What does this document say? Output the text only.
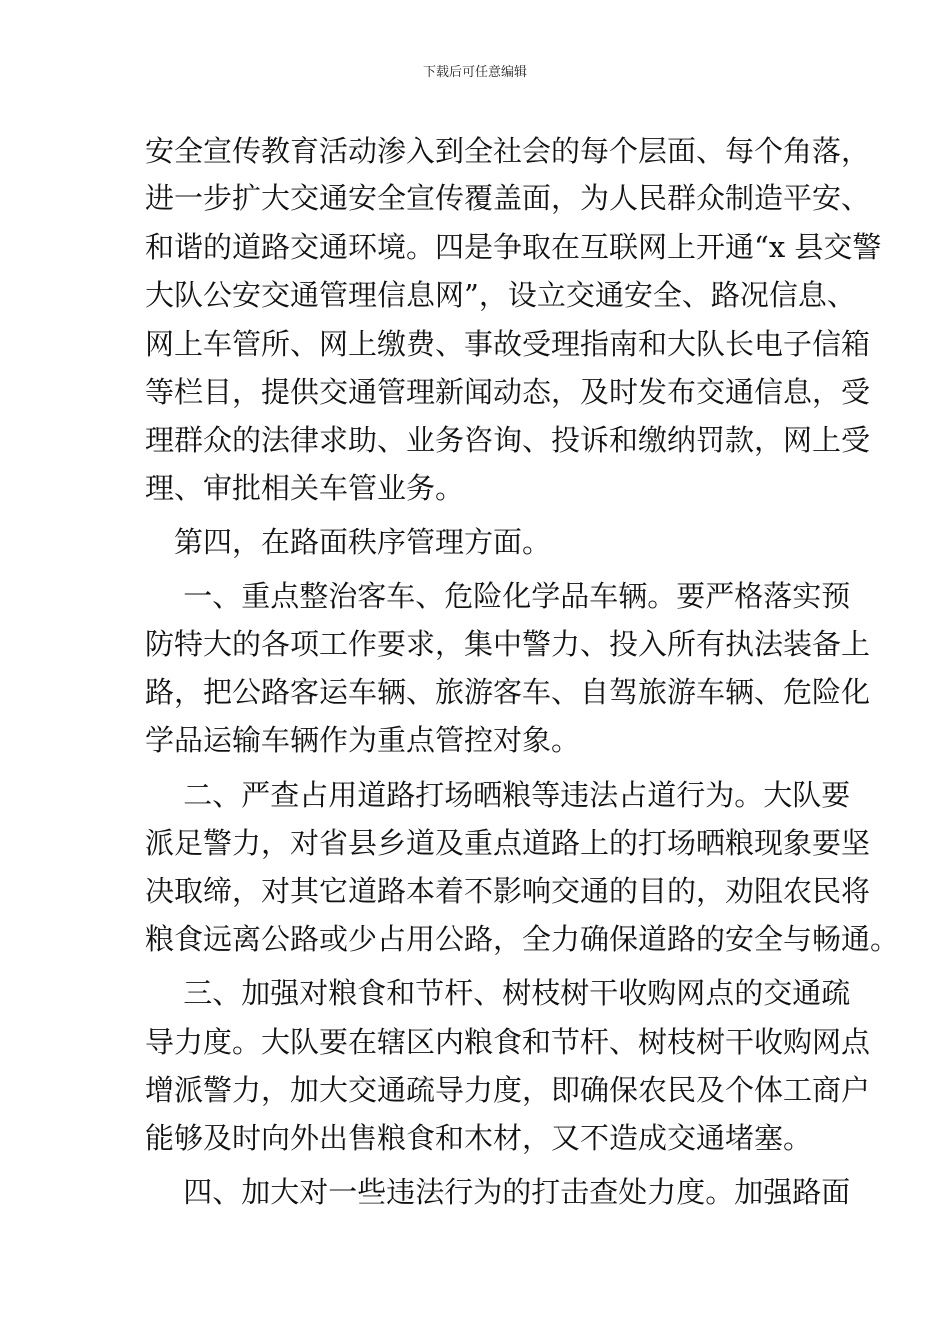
下载后可任意编辑
安全宣传教育活动渗入到全社会的每个层面、每个角落，
进一步扩大交通安全宣传覆盖面，为人民群众制造平安、
和谐的道路交通环境。四是争取在互联网上开通“x 县交警
大队公安交通管理信息网”，设立交通安全、路况信息、
网上车管所、网上缴费、事故受理指南和大队长电子信箱
等栏目，提供交通管理新闻动态，及时发布交通信息，受
理群众的法律求助、业务咨询、投诉和缴纳罚款，网上受
理、审批相关车管业务。
　第四，在路面秩序管理方面。
　 一、重点整治客车、危险化学品车辆。要严格落实预
防特大的各项工作要求，集中警力、投入所有执法装备上
路，把公路客运车辆、旅游客车、自驾旅游车辆、危险化
学品运输车辆作为重点管控对象。
　 二、严查占用道路打场晒粮等违法占道行为。大队要
派足警力，对省县乡道及重点道路上的打场晒粮现象要坚
决取缔，对其它道路本着不影响交通的目的，劝阻农民将
粮食远离公路或少占用公路，全力确保道路的安全与畅通。
　 三、加强对粮食和节杆、树枝树干收购网点的交通疏
导力度。大队要在辖区内粮食和节杆、树枝树干收购网点
增派警力，加大交通疏导力度，即确保农民及个体工商户
能够及时向外出售粮食和木材，又不造成交通堵塞。
　 四、加大对一些违法行为的打击查处力度。加强路面
